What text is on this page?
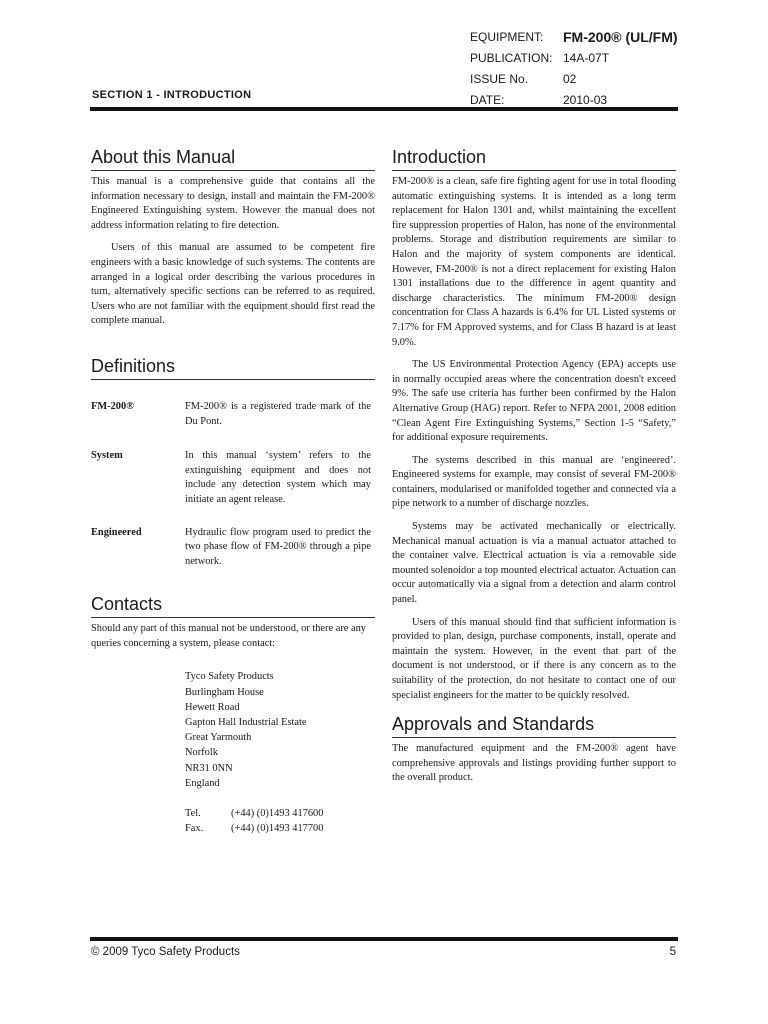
EQUIPMENT:	FM-200® (UL/FM)
PUBLICATION: 14A-07T
ISSUE No.	02
DATE:	2010-03
SECTION 1 - INTRODUCTION
About this Manual

This manual is a comprehensive guide that contains all the information necessary to design, install and maintain the FM-200® Engineered Extinguishing system. However the manual does not address information relating to fire detection.

Users of this manual are assumed to be competent fire engineers with a basic knowledge of such systems. The contents are arranged in a logical order describing the various procedures in turn, alternatively specific sections can be referred to as required. Users who are not familiar with the equipment should first read the complete manual.

Definitions
FM-200®	FM-200® is a registered trade mark of the Du Pont.
System	In this manual ‘system’ refers to the extinguishing equipment and does not include any detection system which may initiate an agent release.
Engineered	Hydraulic flow program used to predict the two phase flow of FM-200® through a pipe network.
Contacts

Should any part of this manual not be understood, or there are any queries concerning a system, please contact:

Tyco Safety Products
Burlingham House
Hewett Road
Gapton Hall Industrial Estate
Great Yarmouth
Norfolk
NR31 0NN
England
Tel.	(+44) (0)1493 417600
Fax.	(+44) (0)1493 417700
Introduction

FM-200® is a clean, safe fire fighting agent for use in total flooding automatic extinguishing systems. It is intended as a long term replacement for Halon 1301 and, whilst maintaining the excellent fire suppression properties of Halon, has none of the environmental problems. Storage and distribution requirements are similar to Halon and the majority of system components are identical. However, FM-200® is not a direct replacement for existing Halon 1301 installations due to the difference in agent quantity and discharge characteristics. The minimum FM-200® design concentration for Class A hazards is 6.4% for UL Listed systems or 7.17% for FM Approved systems, and for Class B hazard is at least 9.0%.

The US Environmental Protection Agency (EPA) accepts use in normally occupied areas where the concentration doesn't exceed 9%. The safe use criteria has further been confirmed by the Halon Alternative Group (HAG) report. Refer to NFPA 2001, 2008 edition “Clean Agent Fire Extinguishing Systems,” Section 1-5 “Safety,” for additional exposure requirements.

The systems described in this manual are ‘engineered’. Engineered systems for example, may consist of several FM-200® containers, modularised or manifolded together and connected via a pipe network to a number of discharge nozzles.

Systems may be activated mechanically or electrically. Mechanical manual actuation is via a manual actuator attached to the container valve. Electrical actuation is via a removable side mounted solenoidor a top mounted electrical actuator. Actuation can occur automatically via a signal from a detection and alarm control panel.

Users of this manual should find that sufficient information is provided to plan, design, purchase components, install, operate and maintain the system. However, in the event that part of the document is not understood, or if there is any concern as to the suitability of the protection, do not hesitate to contact one of our specialist engineers for the matter to be quickly resolved.

Approvals and Standards

The manufactured equipment and the FM-200® agent have comprehensive approvals and listings providing further support to the overall product.

© 2009 Tyco Safety Products	5
